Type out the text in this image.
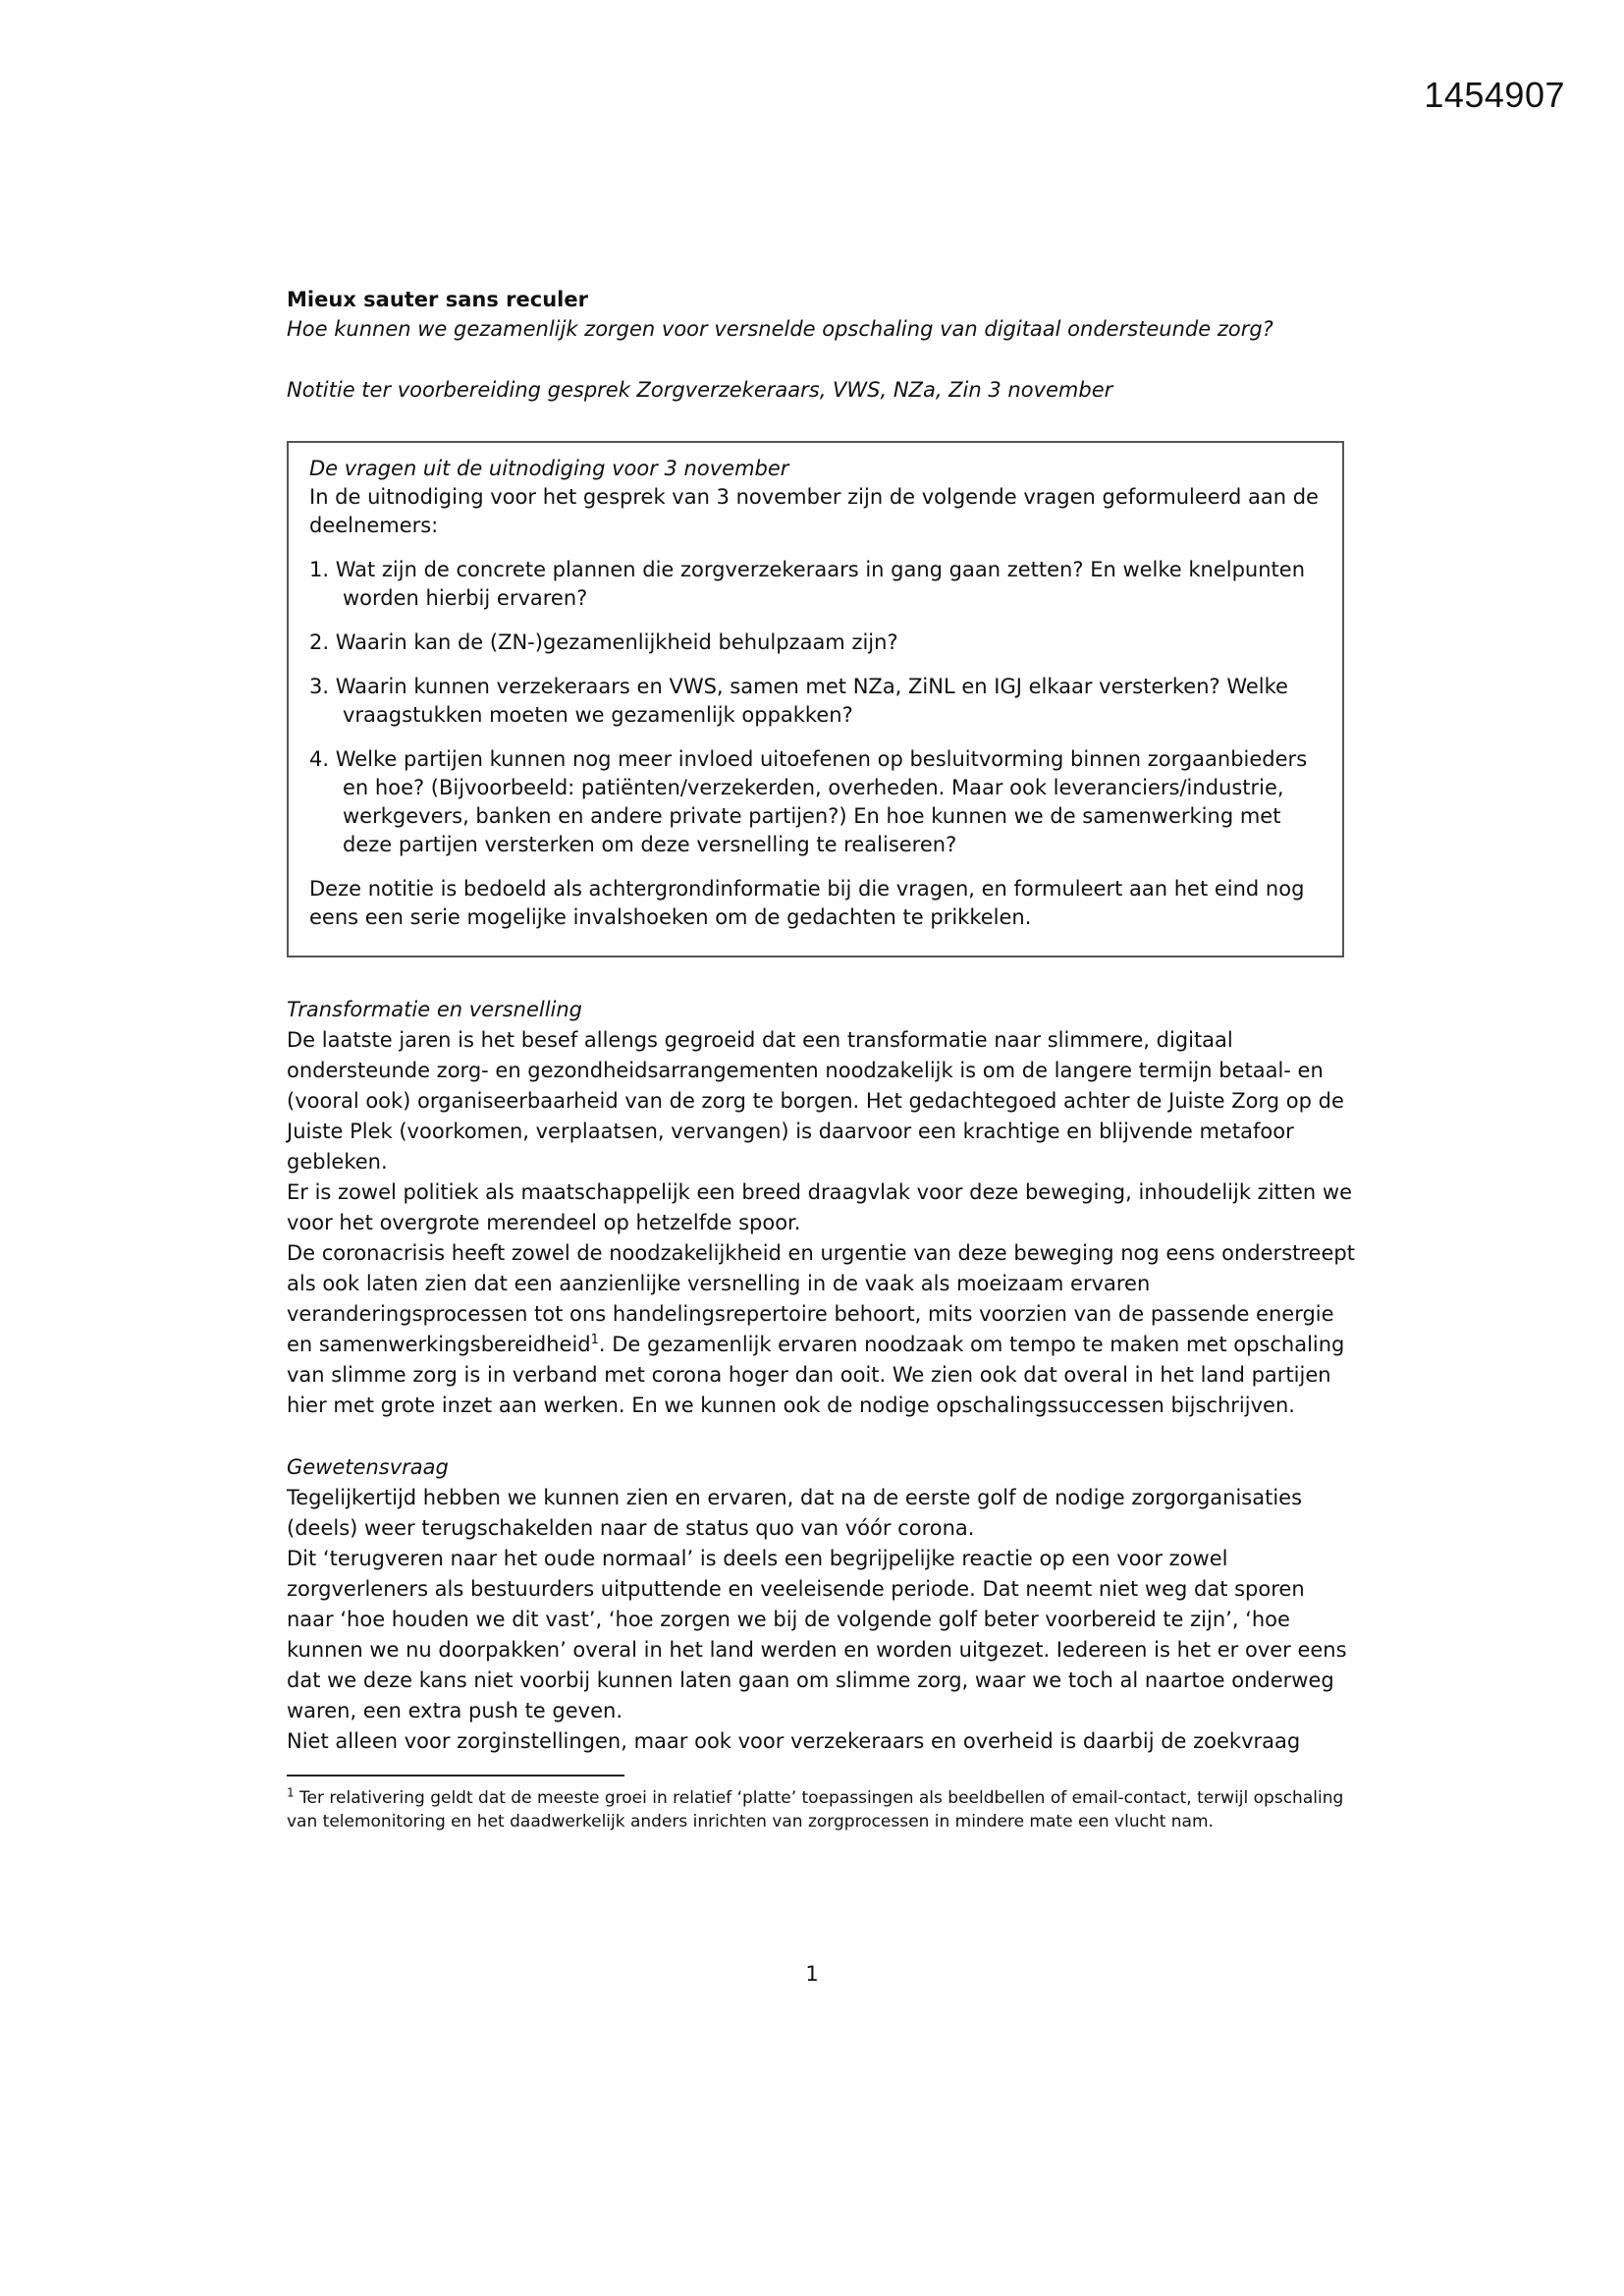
1454907

Mieux sauter sans reculer

Hoe kunnen we gezamenlijk zorgen voor versnelde opschaling van digitaal ondersteunde zorg?

Notitie ter voorbereiding gesprek Zorgverzekeraars, VWS, NZa, Zin 3 november

De vragen uit de uitnodiging voor 3 november

In de uitnodiging voor het gesprek van 3 november zijn de volgende vragen geformuleerd aan de deelnemers:

1. Wat zijn de concrete plannen die zorgverzekeraars in gang gaan zetten? En welke knelpunten worden hierbij ervaren?
2. Waarin kan de (ZN-)gezamenlijkheid behulpzaam zijn?
3. Waarin kunnen verzekeraars en VWS, samen met NZa, ZiNL en IGJ elkaar versterken? Welke vraagstukken moeten we gezamenlijk oppakken?
4. Welke partijen kunnen nog meer invloed uitoefenen op besluitvorming binnen zorgaanbieders en hoe? (Bijvoorbeeld: patiënten/verzekerden, overheden. Maar ook leveranciers/industrie, werkgevers, banken en andere private partijen?) En hoe kunnen we de samenwerking met deze partijen versterken om deze versnelling te realiseren?

Deze notitie is bedoeld als achtergrondinformatie bij die vragen, en formuleert aan het eind nog eens een serie mogelijke invalshoeken om de gedachten te prikkelen.

Transformatie en versnelling

De laatste jaren is het besef allengs gegroeid dat een transformatie naar slimmere, digitaal ondersteunde zorg- en gezondheidsarrangementen noodzakelijk is om de langere termijn betaal- en (vooral ook) organiseerbaarheid van de zorg te borgen. Het gedachtegoed achter de Juiste Zorg op de Juiste Plek (voorkomen, verplaatsen, vervangen) is daarvoor een krachtige en blijvende metafoor gebleken.

Er is zowel politiek als maatschappelijk een breed draagvlak voor deze beweging, inhoudelijk zitten we voor het overgrote merendeel op hetzelfde spoor.

De coronacrisis heeft zowel de noodzakelijkheid en urgentie van deze beweging nog eens onderstreept als ook laten zien dat een aanzienlijke versnelling in de vaak als moeizaam ervaren veranderingsprocessen tot ons handelingsrepertoire behoort, mits voorzien van de passende energie en samenwerkingsbereidheid$^1$. De gezamenlijk ervaren noodzaak om tempo te maken met opschaling van slimme zorg is in verband met corona hoger dan ooit. We zien ook dat overal in het land partijen hier met grote inzet aan werken. En we kunnen ook de nodige opschalingssuccessen bijschrijven.

Gewetensvraag

Tegelijkertijd hebben we kunnen zien en ervaren, dat na de eerste golf de nodige zorgorganisaties (deels) weer terugschakelden naar de status quo van vóór corona.

Dit ‘terugveren naar het oude normaal’ is deels een begrijpelijke reactie op een voor zowel zorgverleners als bestuurders uitputtende en veeleisende periode. Dat neemt niet weg dat sporen naar ‘hoe houden we dit vast’, ‘hoe zorgen we bij de volgende golf beter voorbereid te zijn’, ‘hoe kunnen we nu doorpakken’ overal in het land werden en worden uitgezet. Iedereen is het er over eens dat we deze kans niet voorbij kunnen laten gaan om slimme zorg, waar we toch al naartoe onderweg waren, een extra push te geven.

Niet alleen voor zorginstellingen, maar ook voor verzekeraars en overheid is daarbij de zoekvraag

$^1$ Ter relativering geldt dat de meeste groei in relatief ‘platte’ toepassingen als beeldbellen of email-contact, terwijl opschaling van telemonitoring en het daadwerkelijk anders inrichten van zorgprocessen in mindere mate een vlucht nam.

1
